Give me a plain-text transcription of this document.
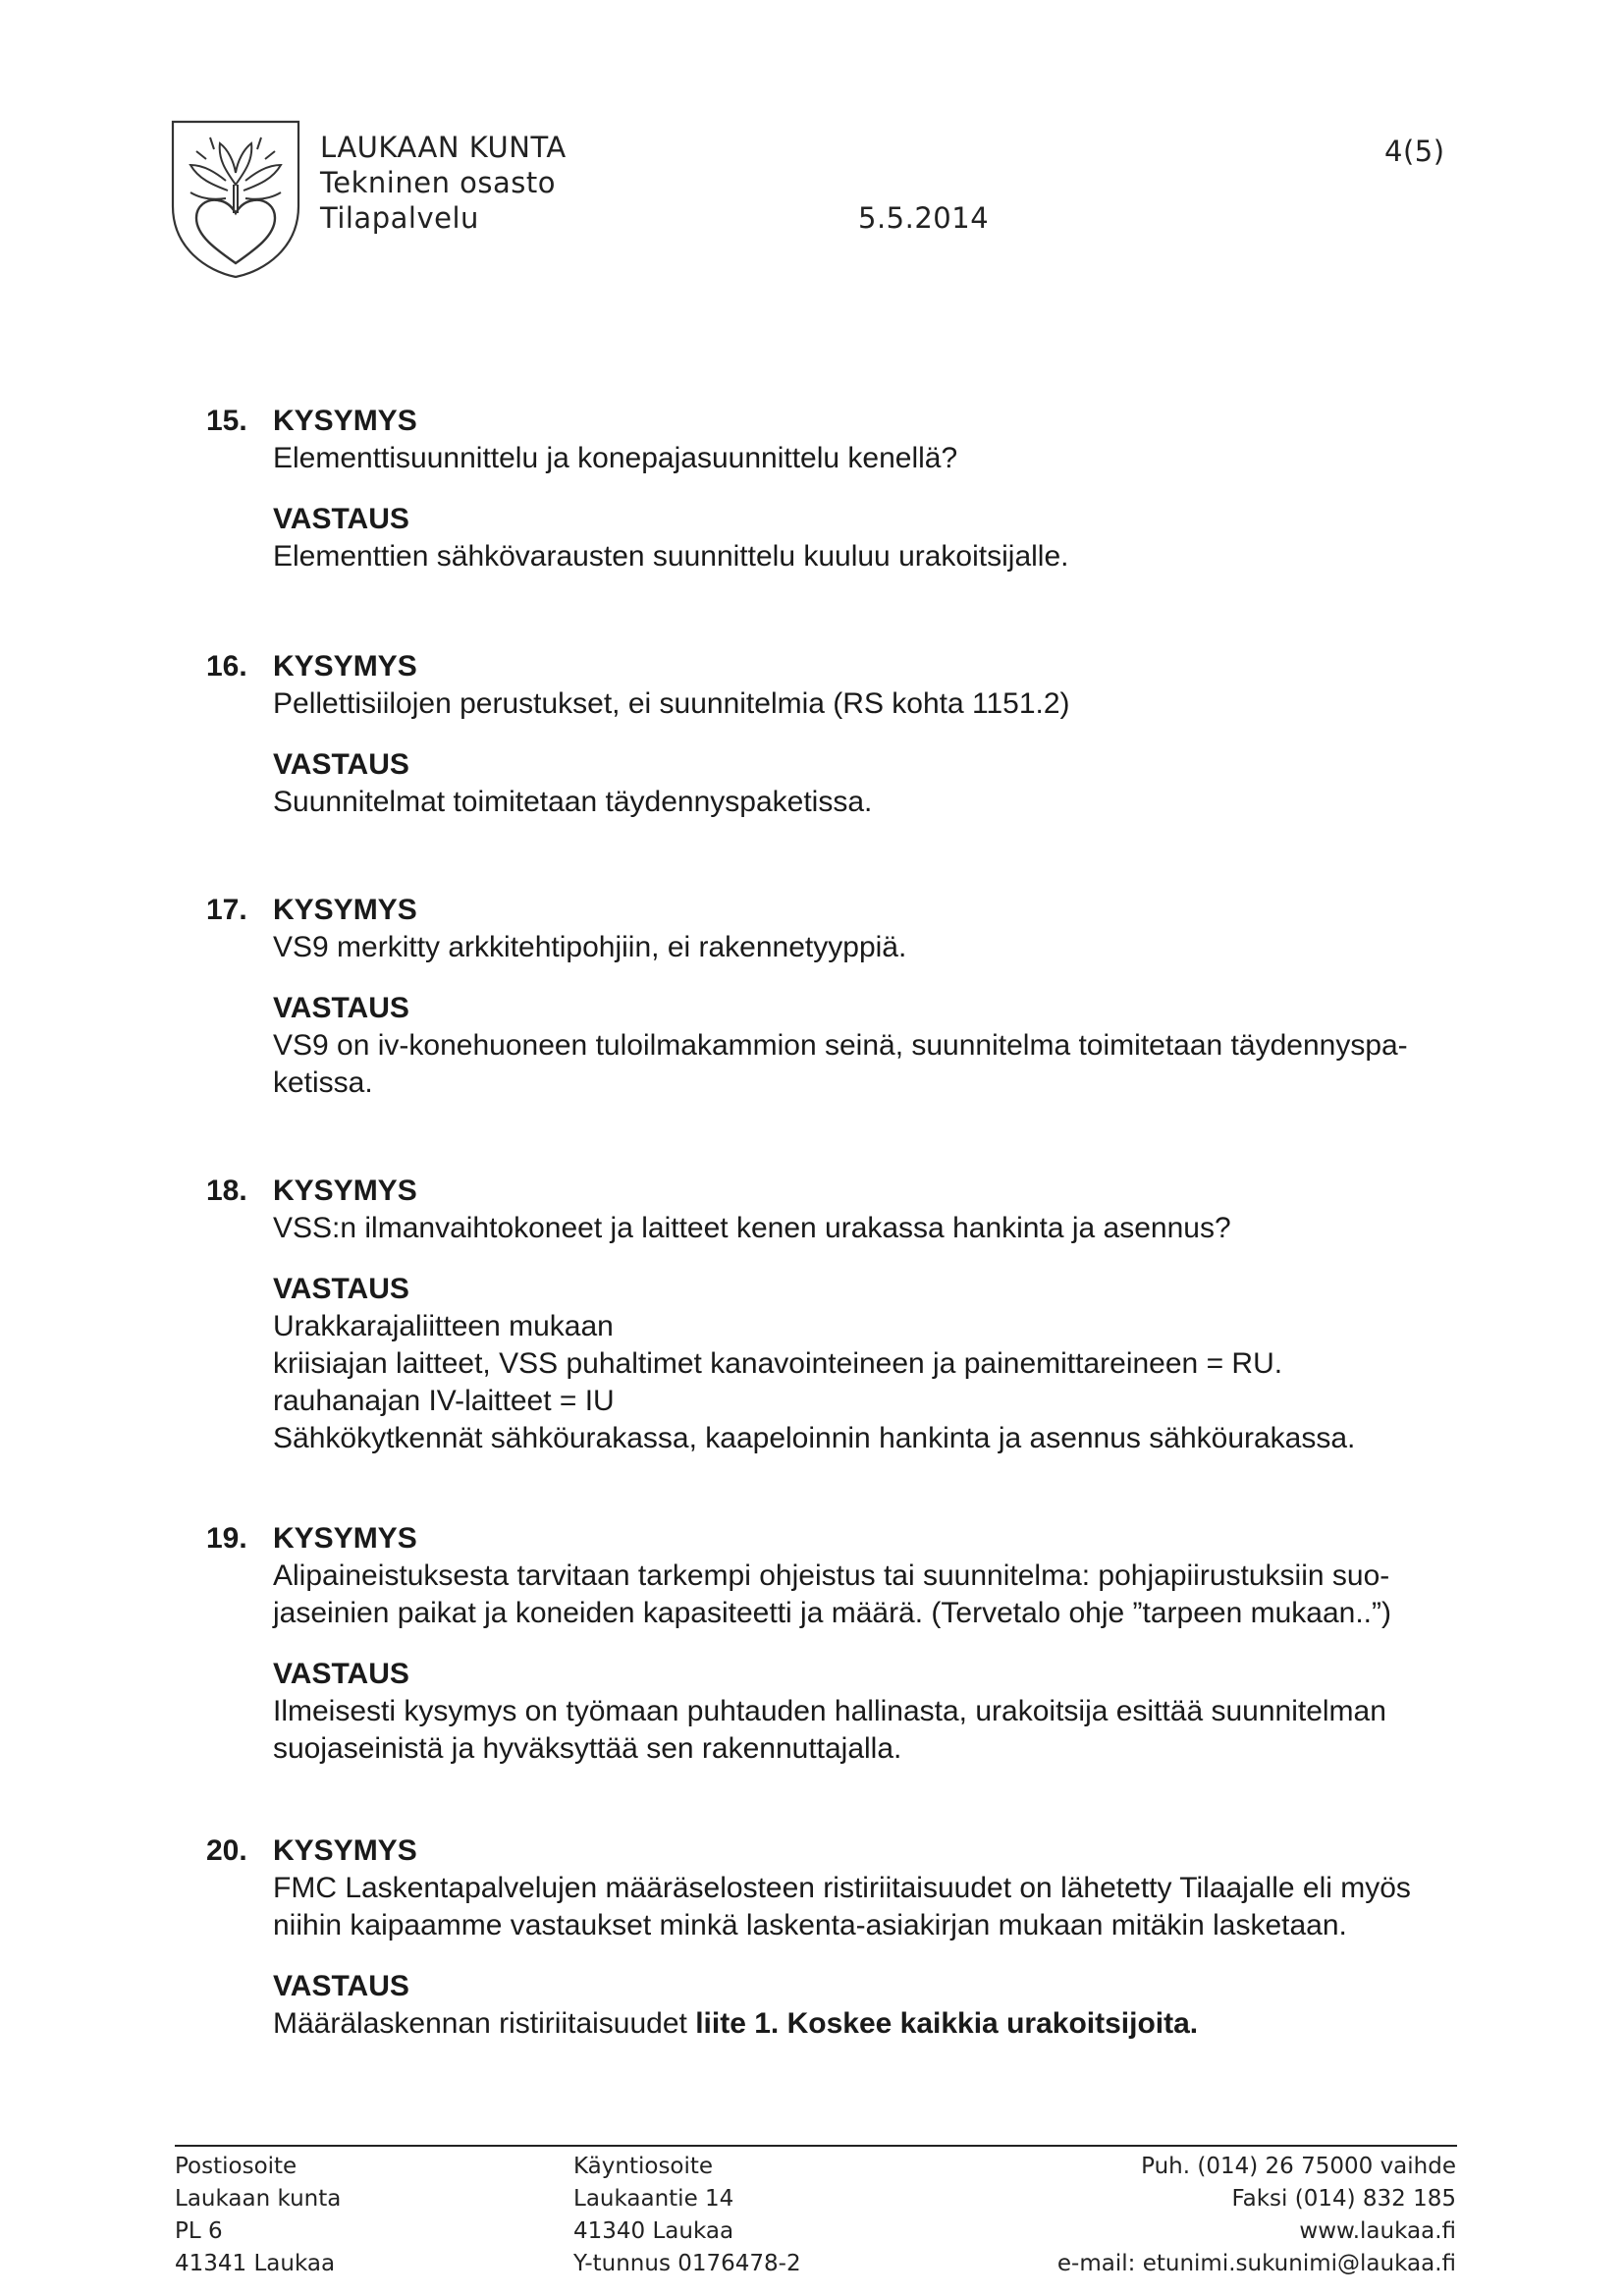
LAUKAAN KUNTA
Tekninen osasto
Tilapalvelu	5.5.2014
4(5)
15. KYSYMYS
Elementtisuunnittelu ja konepajasuunnittelu kenellä?
VASTAUS
Elementtien sähkövarausten suunnittelu kuuluu urakoitsijalle.
16. KYSYMYS
Pellettisiilojen perustukset, ei suunnitelmia (RS kohta 1151.2)
VASTAUS
Suunnitelmat toimitetaan täydennyspaketissa.
17. KYSYMYS
VS9 merkitty arkkitehtipohjiin, ei rakennetyyppiä.
VASTAUS
VS9 on iv-konehuoneen tuloilmakammion seinä, suunnitelma toimitetaan täydennyspa-
ketissa.
18. KYSYMYS
VSS:n ilmanvaihtokoneet ja laitteet kenen urakassa hankinta ja asennus?
VASTAUS
Urakkarajaliitteen mukaan
kriisiajan laitteet, VSS puhaltimet kanavointeineen ja painemittareineen = RU.
rauhanajan IV-laitteet = IU
Sähkökytkennät sähköurakassa, kaapeloinnin hankinta ja asennus sähköurakassa.
19. KYSYMYS
Alipaineistuksesta tarvitaan tarkempi ohjeistus tai suunnitelma: pohjapiirustuksiin suo-
jaseinien paikat ja koneiden kapasiteetti ja määrä. (Tervetalo ohje ”tarpeen mukaan..”)
VASTAUS
Ilmeisesti kysymys on työmaan puhtauden hallinasta, urakoitsija esittää suunnitelman
suojaseinistä ja hyväksyttää sen rakennuttajalla.
20. KYSYMYS
FMC Laskentapalvelujen määräselosteen ristiriitaisuudet on lähetetty Tilaajalle eli myös
niihin kaipaamme vastaukset minkä laskenta-asiakirjan mukaan mitäkin lasketaan.
VASTAUS
Määrälaskennan ristiriitaisuudet liite 1. Koskee kaikkia urakoitsijoita.
Postiosoite
Laukaan kunta
PL 6
41341 Laukaa
Käyntiosoite
Laukaantie 14
41340 Laukaa
Y-tunnus 0176478-2
Puh. (014) 26 75000 vaihde
Faksi (014) 832 185
www.laukaa.fi
e-mail: etunimi.sukunimi@laukaa.fi
